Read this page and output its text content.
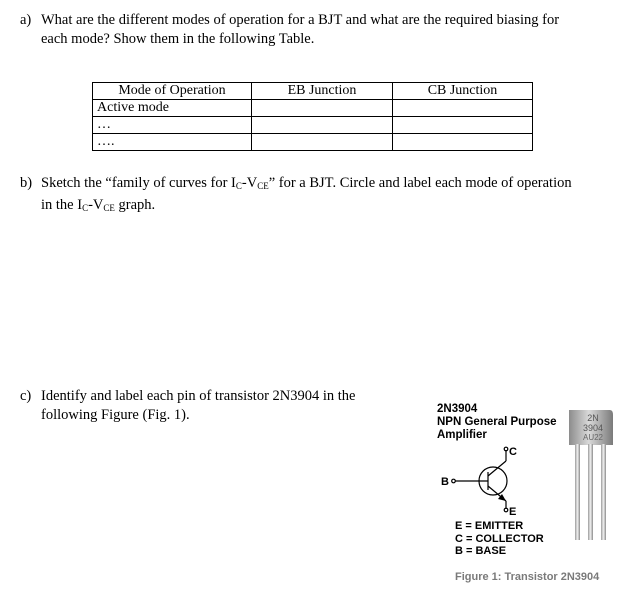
a) What are the different modes of operation for a BJT and what are the required biasing for
each mode? Show them in the following Table.
Mode of Operation	EB Junction	CB Junction
Active mode		
…		
….		
b) Sketch the “family of curves for $I_C-V_{CE}$” for a BJT. Circle and label each mode of operation
in the $I_C-V_{CE}$ graph.
c) Identify and label each pin of transistor 2N3904 in the
following Figure (Fig. 1).	2N3904
NPN General Purpose
Amplifier
C
B
E
2N
3904
AU22
E = EMITTER
C = COLLECTOR
B = BASE
Figure 1: Transistor 2N3904
